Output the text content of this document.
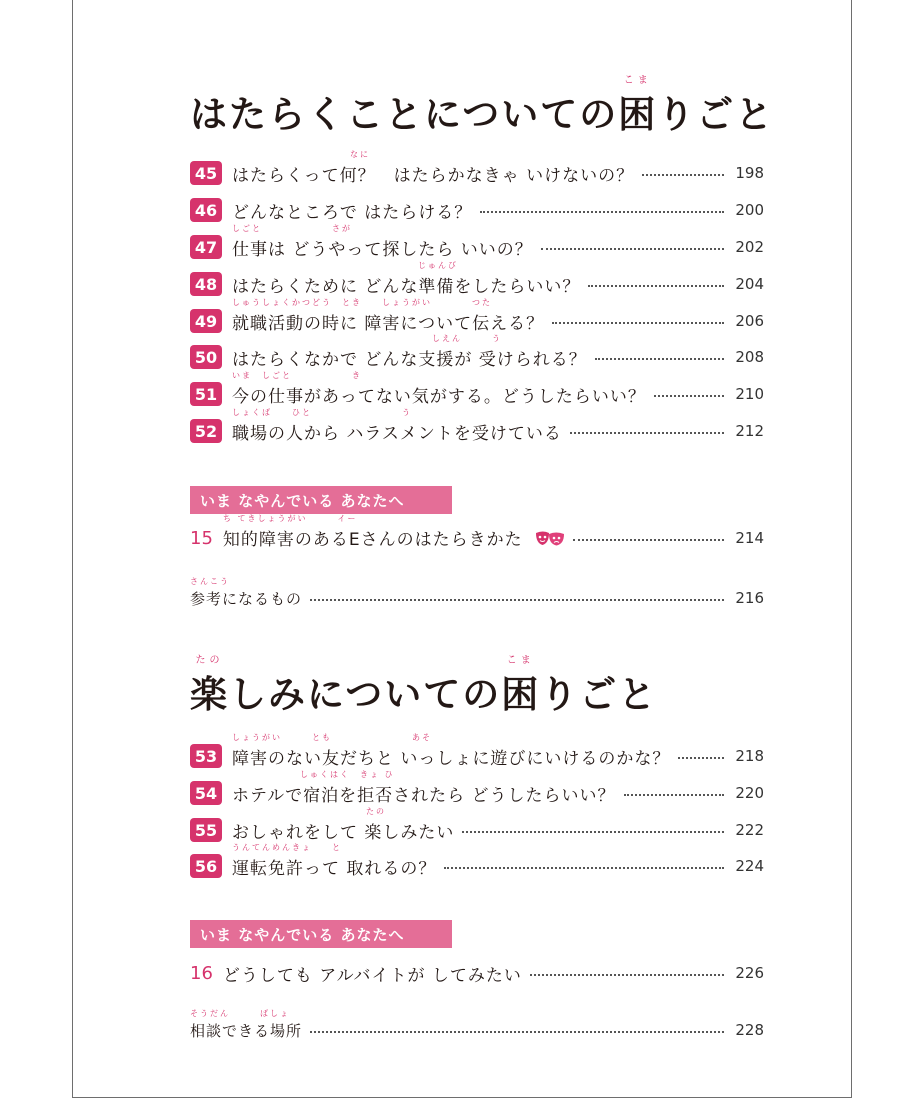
はたらくことについての
こま
困りごと
45
なに
はたらくって何？　はたらかなきゃ いけないの？	198
46 どんなところで はたらける？	200
47
しごと　　　　　　　さが
仕事は どうやって探したら いいの？	202
48
じゅんび
はたらくために どんな準備をしたらいい？	204
49
しゅうしょくかつどう　とき　　しょうがい　　　　つた
就職活動の時に 障害について伝える？	206
50
しえん　　　う
はたらくなかで どんな支援が 受けられる？	208
51
いま　しごと　　　　　　き
今の仕事があってない気がする。どうしたらいい？	210
52
しょくば　　ひと　　　　　　　　　う
職場の人から ハラスメントを受けている	212
いま なやんでいる あなたへ
15
ち てきしょうがい　　　イー
知的障害のあるEさんのはたらきかた	214
さんこう
参考になるもの	216
たの
楽しみについての
こま
困りごと
53
しょうがい　　　とも　　　　　　　　あそ
障害のない友だちと いっしょに遊びにいけるのかな？	218
54
しゅくはく　きょ ひ
ホテルで宿泊を拒否されたら どうしたらいい？	220
55
たの
おしゃれをして 楽しみたい	222
56
うんてんめんきょ　　と
運転免許って 取れるの？	224
いま なやんでいる あなたへ
16 どうしても アルバイトが してみたい	226
そうだん　　　ばしょ
相談できる場所	228
